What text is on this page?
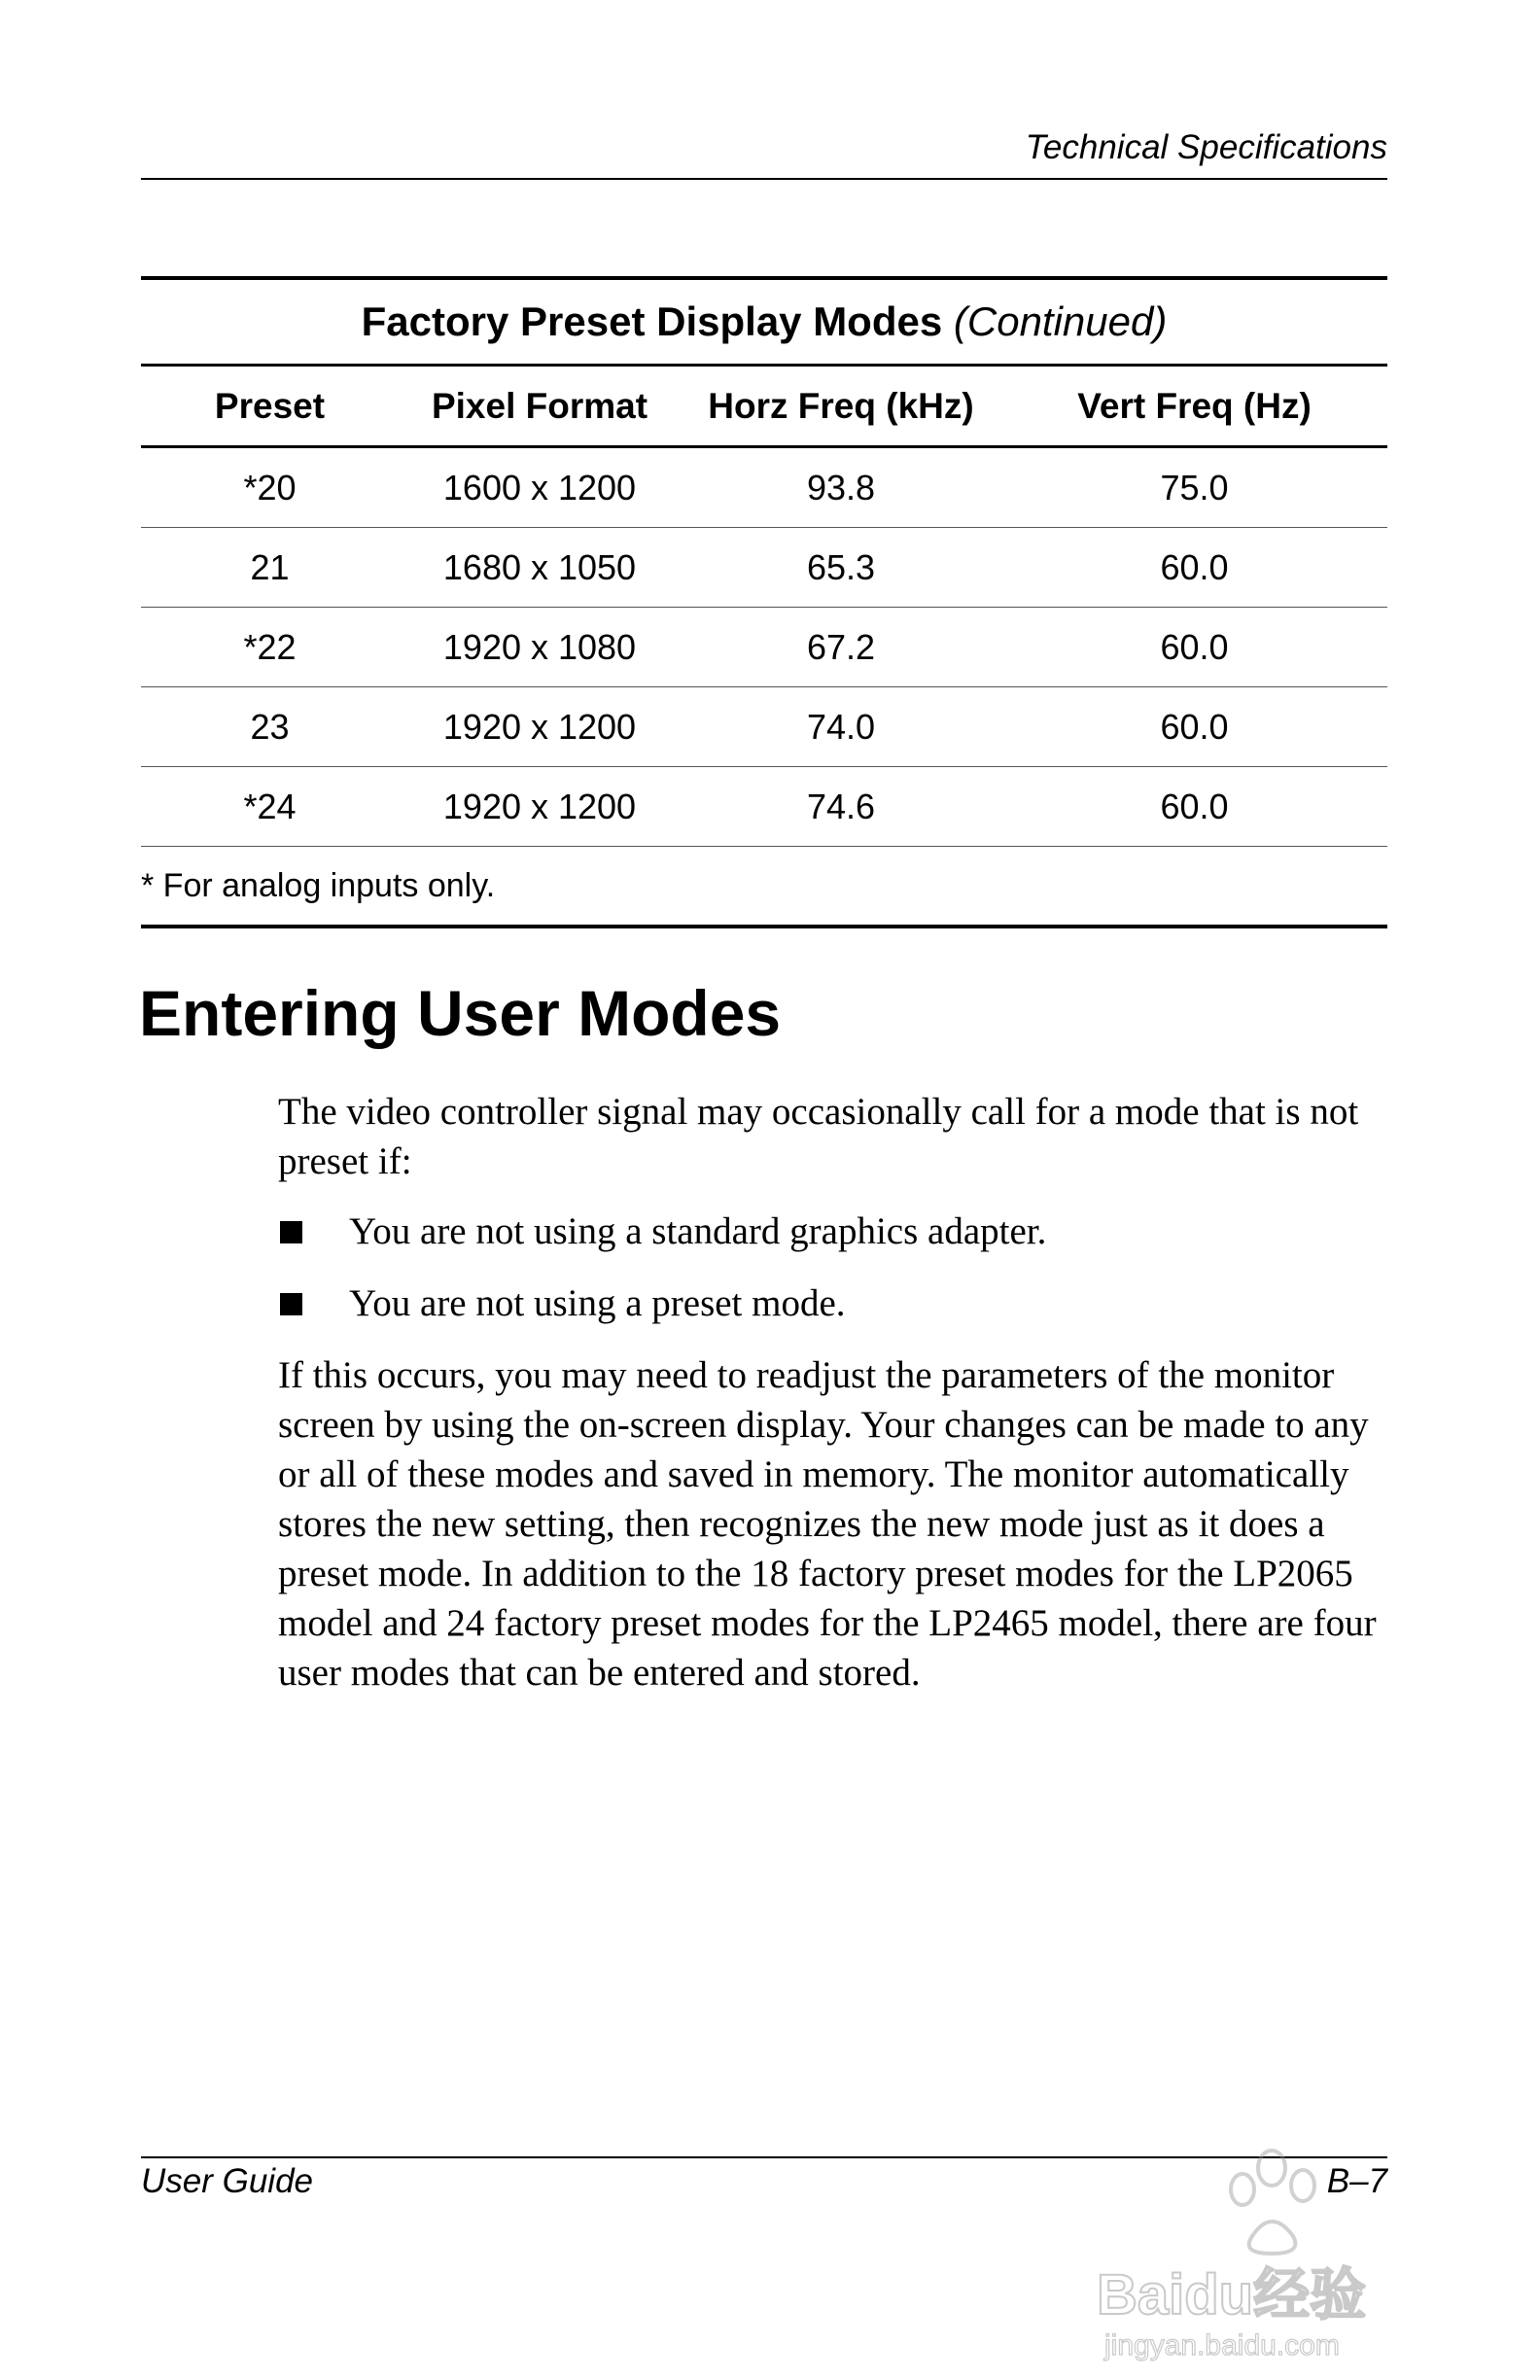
Technical Specifications
Factory Preset Display Modes (Continued)			
Preset	Pixel Format	Horz Freq (kHz)	Vert Freq (Hz)
*20	1600 x 1200	93.8	75.0
21	1680 x 1050	65.3	60.0
*22	1920 x 1080	67.2	60.0
23	1920 x 1200	74.0	60.0
*24	1920 x 1200	74.6	60.0
* For analog inputs only.			
Entering User Modes

The video controller signal may occasionally call for a mode that is not preset if:

You are not using a standard graphics adapter.
You are not using a preset mode.

If this occurs, you may need to readjust the parameters of the monitor screen by using the on-screen display. Your changes can be made to any or all of these modes and saved in memory. The monitor automatically stores the new setting, then recognizes the new mode just as it does a preset mode. In addition to the 18 factory preset modes for the LP2065 model and 24 factory preset modes for the LP2465 model, there are four user modes that can be entered and stored.

User Guide	B–7
Baidu经验
jingyan.baidu.com
